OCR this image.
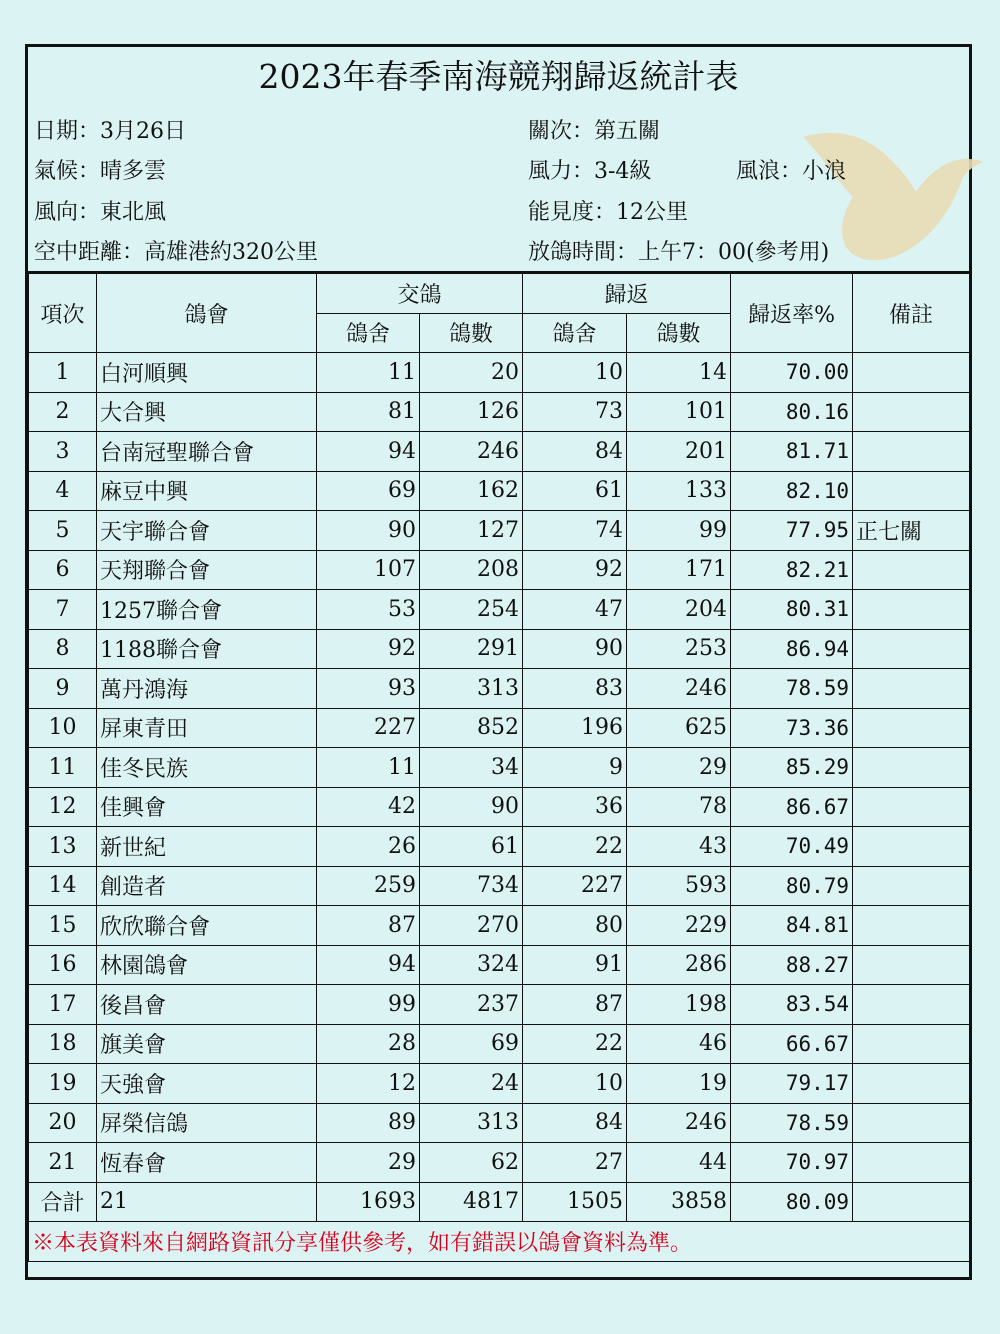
2023年春季南海競翔歸返統計表
日期：3月26日	關次：第五關
氣候：晴多雲	風力：3-4級	風浪：小浪
風向：東北風	能見度：12公里
空中距離：高雄港約320公里	放鴿時間：上午7：00(參考用)
項次	鴿會	交鴿		歸返		歸返率%	備註
		鴿舍	鴿數	鴿舍	鴿數		
1	白河順興	11	20	10	14	70.00	
2	大合興	81	126	73	101	80.16	
3	台南冠聖聯合會	94	246	84	201	81.71	
4	麻豆中興	69	162	61	133	82.10	
5	天宇聯合會	90	127	74	99	77.95	正七關
6	天翔聯合會	107	208	92	171	82.21	
7	1257聯合會	53	254	47	204	80.31	
8	1188聯合會	92	291	90	253	86.94	
9	萬丹鴻海	93	313	83	246	78.59	
10	屏東青田	227	852	196	625	73.36	
11	佳冬民族	11	34	9	29	85.29	
12	佳興會	42	90	36	78	86.67	
13	新世紀	26	61	22	43	70.49	
14	創造者	259	734	227	593	80.79	
15	欣欣聯合會	87	270	80	229	84.81	
16	林園鴿會	94	324	91	286	88.27	
17	後昌會	99	237	87	198	83.54	
18	旗美會	28	69	22	46	66.67	
19	天強會	12	24	10	19	79.17	
20	屏榮信鴿	89	313	84	246	78.59	
21	恆春會	29	62	27	44	70.97	
合計	21	1693	4817	1505	3858	80.09	
※本表資料來自網路資訊分享僅供參考，如有錯誤以鴿會資料為準。							
